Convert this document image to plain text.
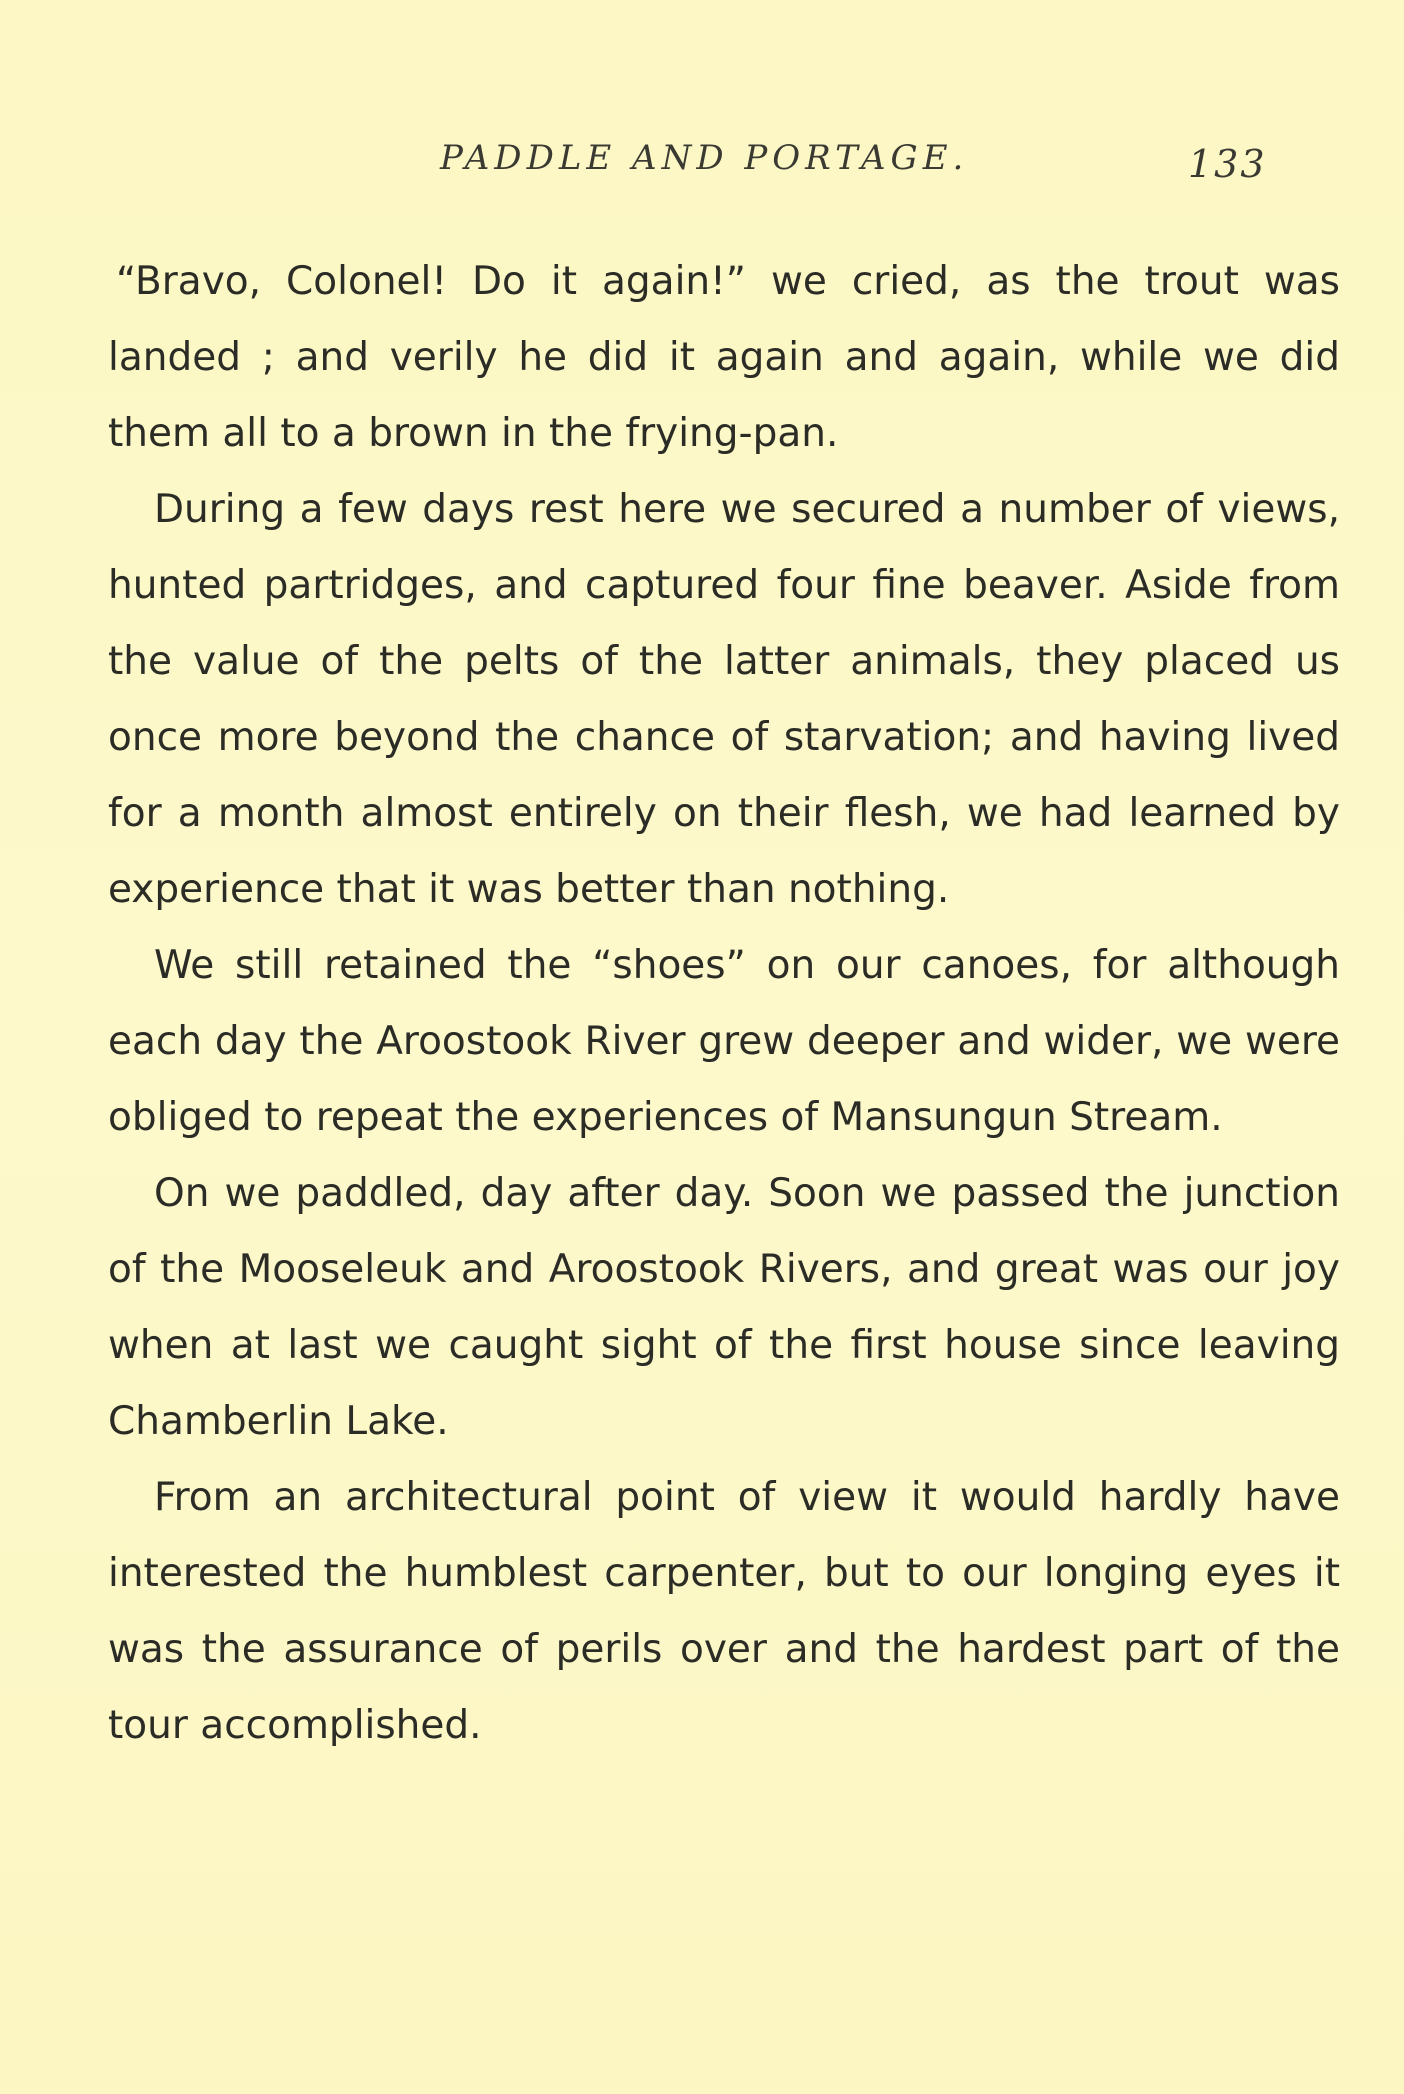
PADDLE AND PORTAGE.	133

“Bravo, Colonel! Do it again!” we cried, as the trout was landed ; and verily he did it again and again, while we did them all to a brown in the frying-pan.

During a few days rest here we secured a number of views, hunted partridges, and captured four fine beaver. Aside from the value of the pelts of the latter animals, they placed us once more beyond the chance of starvation; and having lived for a month almost entirely on their flesh, we had learned by experience that it was better than nothing.

We still retained the “shoes” on our canoes, for although each day the Aroostook River grew deeper and wider, we were obliged to repeat the experiences of Mansungun Stream.

On we paddled, day after day. Soon we passed the junction of the Mooseleuk and Aroostook Rivers, and great was our joy when at last we caught sight of the first house since leaving Chamberlin Lake.

From an architectural point of view it would hardly have interested the humblest carpenter, but to our longing eyes it was the assurance of perils over and the hardest part of the tour accomplished.
